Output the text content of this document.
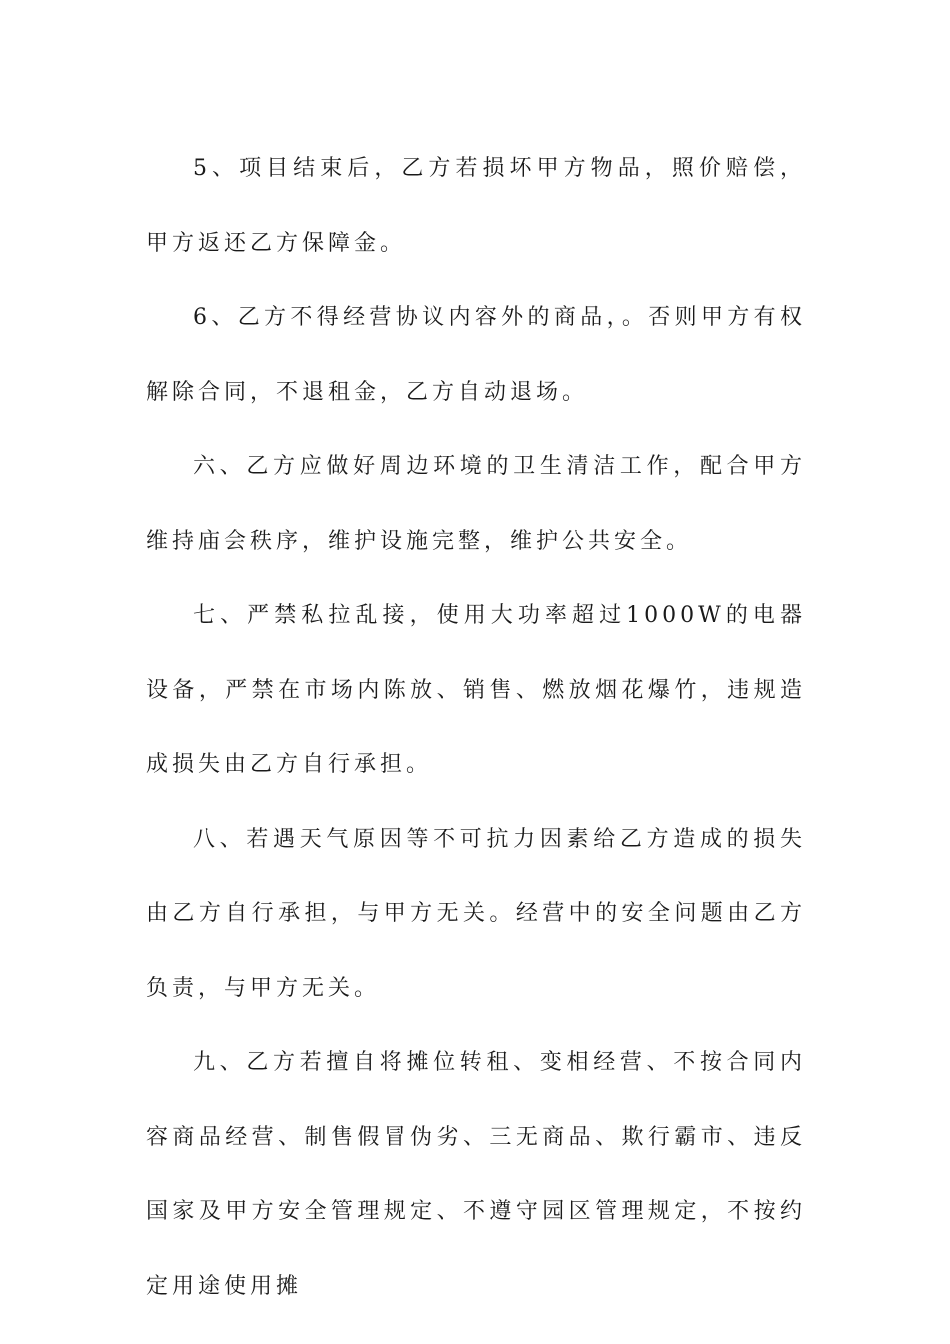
5、项目结束后，乙方若损坏甲方物品，照价赔偿，甲方返还乙方保障金。

6、乙方不得经营协议内容外的商品，。否则甲方有权解除合同，不退租金，乙方自动退场。

六、乙方应做好周边环境的卫生清洁工作，配合甲方维持庙会秩序，维护设施完整，维护公共安全。

七、严禁私拉乱接，使用大功率超过1000W的电器设备，严禁在市场内陈放、销售、燃放烟花爆竹，违规造成损失由乙方自行承担。

八、若遇天气原因等不可抗力因素给乙方造成的损失由乙方自行承担，与甲方无关。经营中的安全问题由乙方负责，与甲方无关。

九、乙方若擅自将摊位转租、变相经营、不按合同内容商品经营、制售假冒伪劣、三无商品、欺行霸市、违反国家及甲方安全管理规定、不遵守园区管理规定，不按约定用途使用摊
